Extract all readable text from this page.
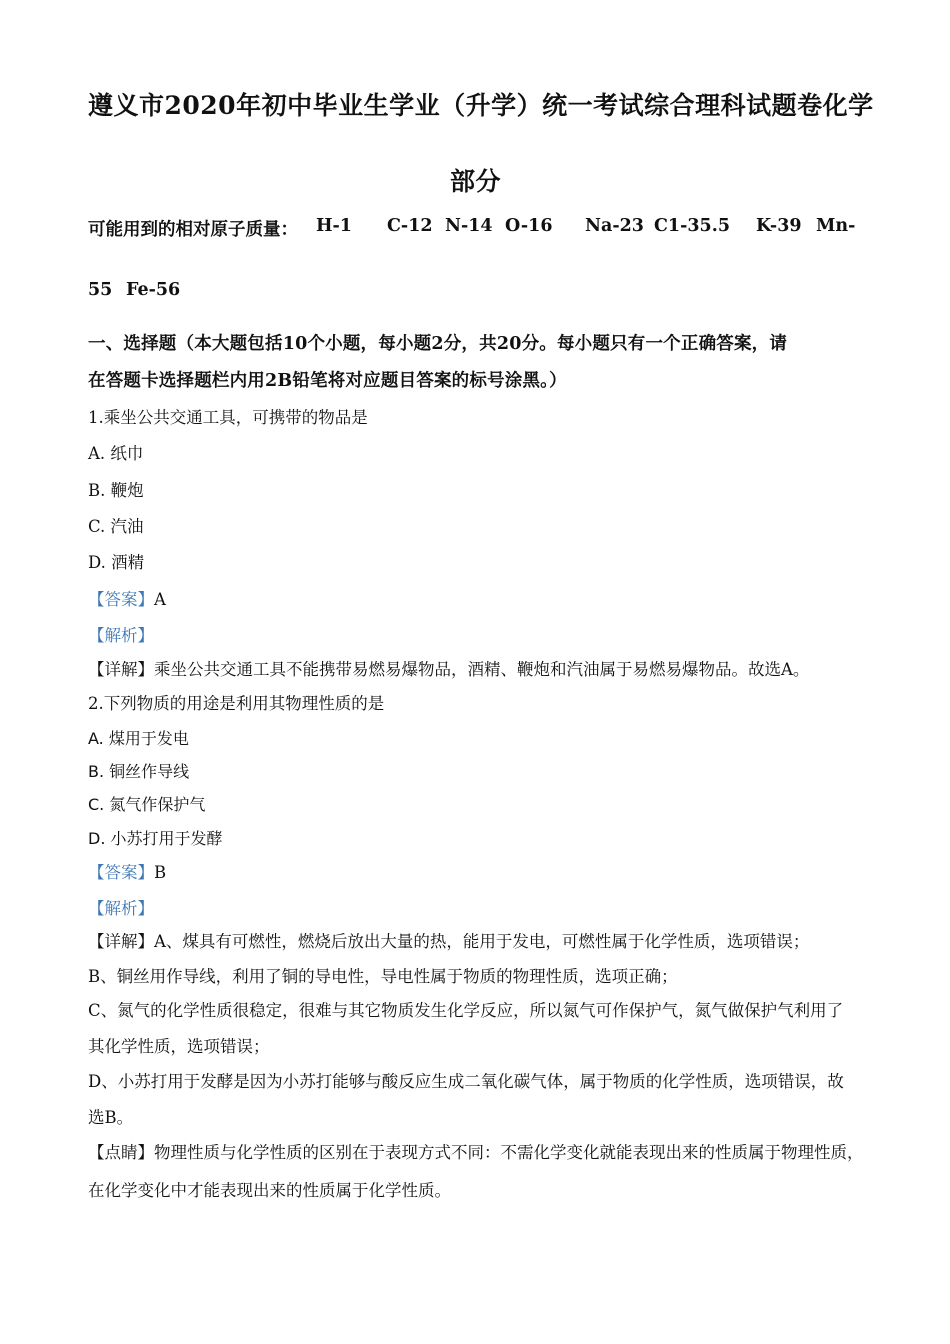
遵义市2020年初中毕业生学业（升学）统一考试综合理科试题卷化学
部分
可能用到的相对原子质量： H-1 C-12 N-14 O-16 Na-23 C1-35.5 K-39 Mn-
55 Fe-56
一、选择题（本大题包括10个小题，每小题2分，共20分。每小题只有一个正确答案，请
在答题卡选择题栏内用2B铅笔将对应题目答案的标号涂黑。）
1.乘坐公共交通工具，可携带的物品是
A. 纸巾
B. 鞭炮
C. 汽油
D. 酒精
【答案】A
【解析】
【详解】乘坐公共交通工具不能携带易燃易爆物品，酒精、鞭炮和汽油属于易燃易爆物品。故选A。
2.下列物质的用途是利用其物理性质的是
A. 煤用于发电
B. 铜丝作导线
C. 氮气作保护气
D. 小苏打用于发酵
【答案】B
【解析】
【详解】A、煤具有可燃性，燃烧后放出大量的热，能用于发电，可燃性属于化学性质，选项错误；
B、铜丝用作导线，利用了铜的导电性，导电性属于物质的物理性质，选项正确；
C、氮气的化学性质很稳定，很难与其它物质发生化学反应，所以氮气可作保护气，氮气做保护气利用了
其化学性质，选项错误；
D、小苏打用于发酵是因为小苏打能够与酸反应生成二氧化碳气体，属于物质的化学性质，选项错误，故
选B。
【点睛】物理性质与化学性质的区别在于表现方式不同：不需化学变化就能表现出来的性质属于物理性质，
在化学变化中才能表现出来的性质属于化学性质。
